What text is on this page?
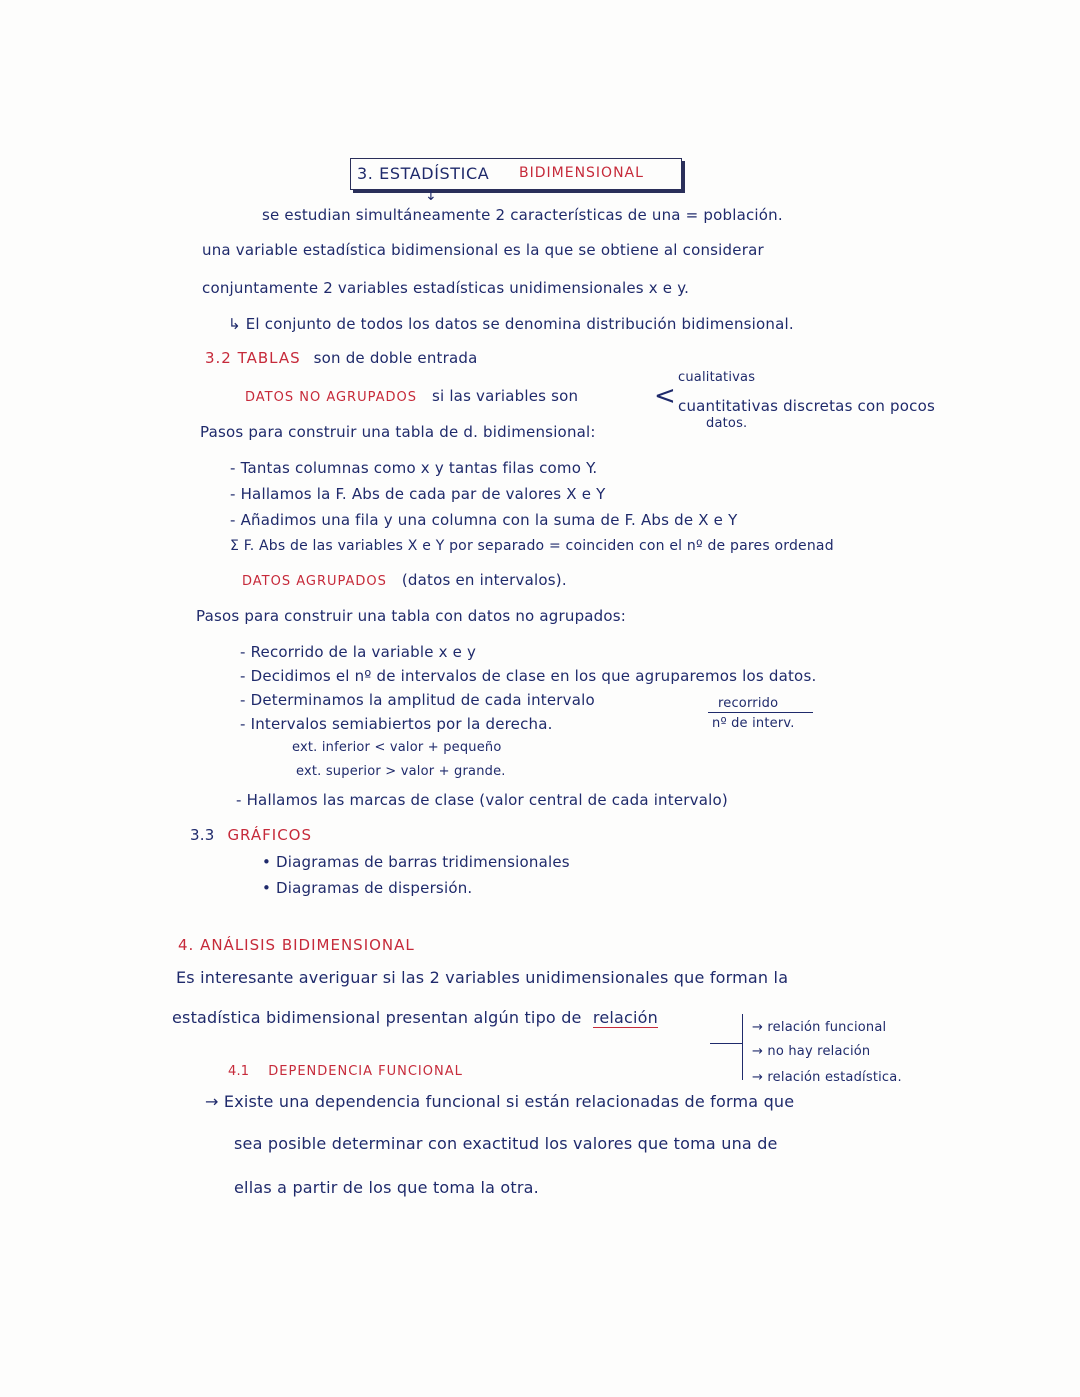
3. ESTADÍSTICA BIDIMENSIONAL
↓
se estudian simultáneamente 2 características de una = población.
una variable estadística bidimensional es la que se obtiene al considerar
conjuntamente 2 variables estadísticas unidimensionales x e y.
↳ El conjunto de todos los datos se denomina distribución bidimensional.
3.2 TABLAS son de doble entrada
cualitativas
DATOS NO AGRUPADOS si las variables son	< cuantitativas discretas con pocos
datos.
Pasos para construir una tabla de d. bidimensional:
- Tantas columnas como x y tantas filas como Y.
- Hallamos la F. Abs de cada par de valores X e Y
- Añadimos una fila y una columna con la suma de F. Abs de X e Y
Σ F. Abs de las variables X e Y por separado = coinciden con el nº de pares ordenad
DATOS AGRUPADOS (datos en intervalos).
Pasos para construir una tabla con datos no agrupados:
- Recorrido de la variable x e y
- Decidimos el nº de intervalos de clase en los que agruparemos los datos.
- Determinamos la amplitud de cada intervalo	recorrido
nº de interv.
- Intervalos semiabiertos por la derecha.
ext. inferior < valor + pequeño
ext. superior > valor + grande.
- Hallamos las marcas de clase (valor central de cada intervalo)
3.3 GRÁFICOS
• Diagramas de barras tridimensionales
• Diagramas de dispersión.
4. ANÁLISIS BIDIMENSIONAL
Es interesante averiguar si las 2 variables unidimensionales que forman la
estadística bidimensional presentan algún tipo de relación
→ relación funcional
→ no hay relación
→ relación estadística.
4.1 DEPENDENCIA FUNCIONAL
→ Existe una dependencia funcional si están relacionadas de forma que
sea posible determinar con exactitud los valores que toma una de
ellas a partir de los que toma la otra.
